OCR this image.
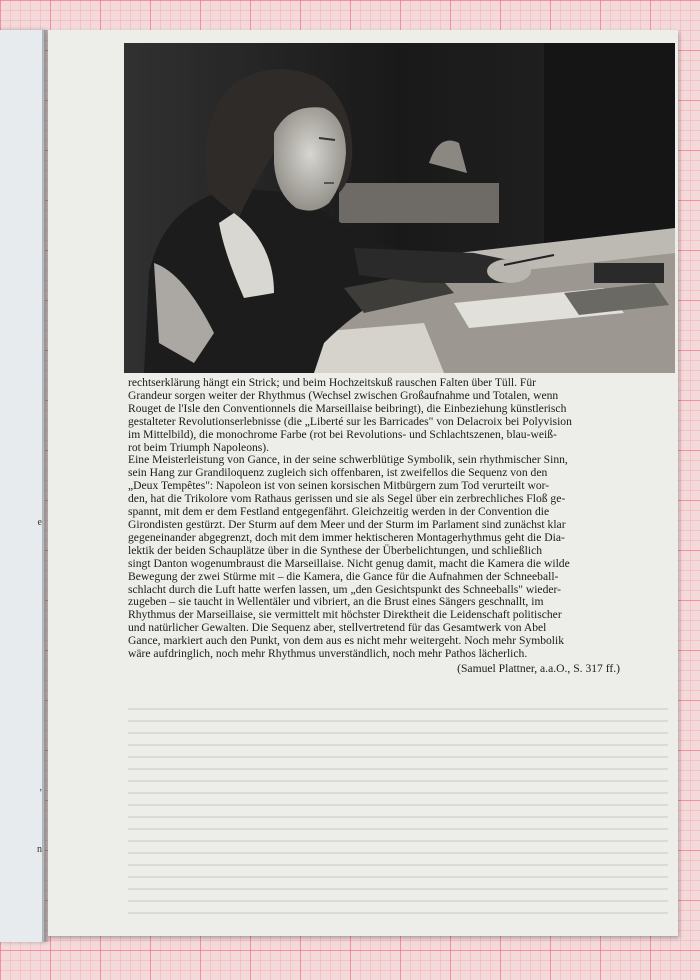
e
,
n

rechtserklärung hängt ein Strick; und beim Hochzeitskuß rauschen Falten über Tüll. Für
Grandeur sorgen weiter der Rhythmus (Wechsel zwischen Großaufnahme und Totalen, wenn
Rouget de l'Isle den Conventionnels die Marseillaise beibringt), die Einbeziehung künstlerisch
gestalteter Revolutionserlebnisse (die „Liberté sur les Barricades" von Delacroix bei Polyvision
im Mittelbild), die monochrome Farbe (rot bei Revolutions- und Schlachtszenen, blau-weiß-
rot beim Triumph Napoleons).

Eine Meisterleistung von Gance, in der seine schwerblütige Symbolik, sein rhythmischer Sinn,
sein Hang zur Grandiloquenz zugleich sich offenbaren, ist zweifellos die Sequenz von den
„Deux Tempêtes": Napoleon ist von seinen korsischen Mitbürgern zum Tod verurteilt wor-
den, hat die Trikolore vom Rathaus gerissen und sie als Segel über ein zerbrechliches Floß ge-
spannt, mit dem er dem Festland entgegenfährt. Gleichzeitig werden in der Convention die
Girondisten gestürzt. Der Sturm auf dem Meer und der Sturm im Parlament sind zunächst klar
gegeneinander abgegrenzt, doch mit dem immer hektischeren Montagerhythmus geht die Dia-
lektik der beiden Schauplätze über in die Synthese der Überbelichtungen, und schließlich
singt Danton wogenumbraust die Marseillaise. Nicht genug damit, macht die Kamera die wilde
Bewegung der zwei Stürme mit – die Kamera, die Gance für die Aufnahmen der Schneeball-
schlacht durch die Luft hatte werfen lassen, um „den Gesichtspunkt des Schneeballs" wieder-
zugeben – sie taucht in Wellentäler und vibriert, an die Brust eines Sängers geschnallt, im
Rhythmus der Marseillaise, sie vermittelt mit höchster Direktheit die Leidenschaft politischer
und natürlicher Gewalten. Die Sequenz aber, stellvertretend für das Gesamtwerk von Abel
Gance, markiert auch den Punkt, von dem aus es nicht mehr weitergeht. Noch mehr Symbolik
wäre aufdringlich, noch mehr Rhythmus unverständlich, noch mehr Pathos lächerlich.

(Samuel Plattner, a.a.O., S. 317 ff.)
